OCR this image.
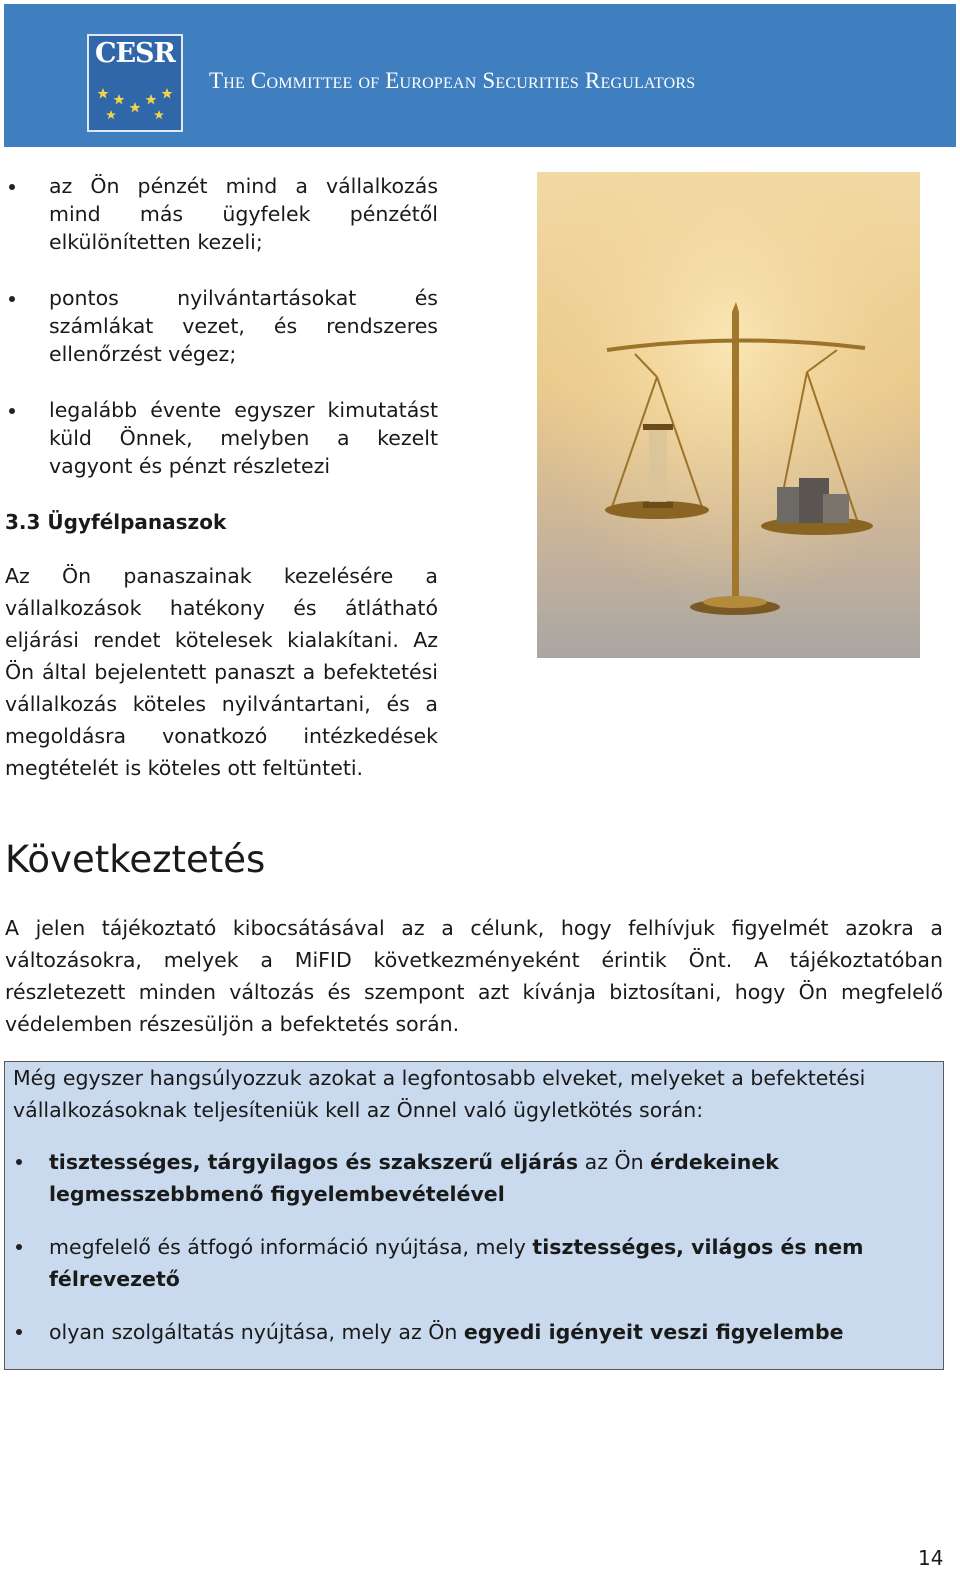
CESR
The Committee of European Securities Regulators
az Ön pénzét mind a vállalkozás mind más ügyfelek pénzétől elkülönítetten kezeli;
pontos nyilvántartásokat és számlákat vezet, és rendszeres ellenőrzést végez;
legalább évente egyszer kimutatást küld Önnek, melyben a kezelt vagyont és pénzt részletezi
3.3 Ügyfélpanaszok
Az Ön panaszainak kezelésére a vállalkozások hatékony és átlátható eljárási rendet kötelesek kialakítani. Az Ön által bejelentett panaszt a befektetési vállalkozás köteles nyilvántartani, és a megoldásra vonatkozó intézkedések megtételét is köteles ott feltünteti.
Következtetés
A jelen tájékoztató kibocsátásával az a célunk, hogy felhívjuk figyelmét azokra a változásokra, melyek a MiFID következményeként érintik Önt. A tájékoztatóban részletezett minden változás és szempont azt kívánja biztosítani, hogy Ön megfelelő védelemben részesüljön a befektetés során.
Még egyszer hangsúlyozzuk azokat a legfontosabb elveket, melyeket a befektetési vállalkozásoknak teljesíteniük kell az Önnel való ügyletkötés során:
tisztességes, tárgyilagos és szakszerű eljárás az Ön érdekeinek legmesszebbmenő figyelembevételével
megfelelő és átfogó információ nyújtása, mely tisztességes, világos és nem félrevezető
olyan szolgáltatás nyújtása, mely az Ön egyedi igényeit veszi figyelembe
14
